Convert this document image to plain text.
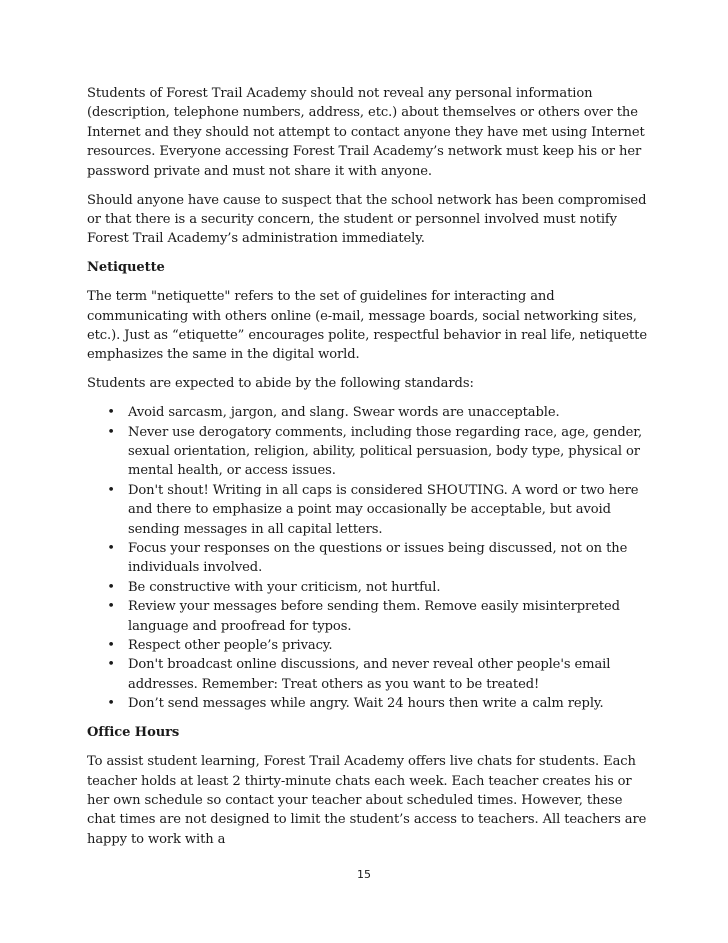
Students of Forest Trail Academy should not reveal any personal information (description, telephone numbers, address, etc.) about themselves or others over the Internet and they should not attempt to contact anyone they have met using Internet resources. Everyone accessing Forest Trail Academy’s network must keep his or her password private and must not share it with anyone.

Should anyone have cause to suspect that the school network has been compromised or that there is a security concern, the student or personnel involved must notify Forest Trail Academy’s administration immediately.

Netiquette

The term "netiquette" refers to the set of guidelines for interacting and communicating with others online (e-mail, message boards, social networking sites, etc.). Just as “etiquette” encourages polite, respectful behavior in real life, netiquette emphasizes the same in the digital world.

Students are expected to abide by the following standards:

• Avoid sarcasm, jargon, and slang. Swear words are unacceptable.
• Never use derogatory comments, including those regarding race, age, gender, sexual orientation, religion, ability, political persuasion, body type, physical or mental health, or access issues.
• Don't shout! Writing in all caps is considered SHOUTING. A word or two here and there to emphasize a point may occasionally be acceptable, but avoid sending messages in all capital letters.
• Focus your responses on the questions or issues being discussed, not on the individuals involved.
• Be constructive with your criticism, not hurtful.
• Review your messages before sending them. Remove easily misinterpreted language and proofread for typos.
• Respect other people’s privacy.
• Don't broadcast online discussions, and never reveal other people's email addresses. Remember: Treat others as you want to be treated!
• Don’t send messages while angry. Wait 24 hours then write a calm reply.
Office Hours

To assist student learning, Forest Trail Academy offers live chats for students. Each teacher holds at least 2 thirty-minute chats each week. Each teacher creates his or her own schedule so contact your teacher about scheduled times. However, these chat times are not designed to limit the student’s access to teachers. All teachers are happy to work with a

15
